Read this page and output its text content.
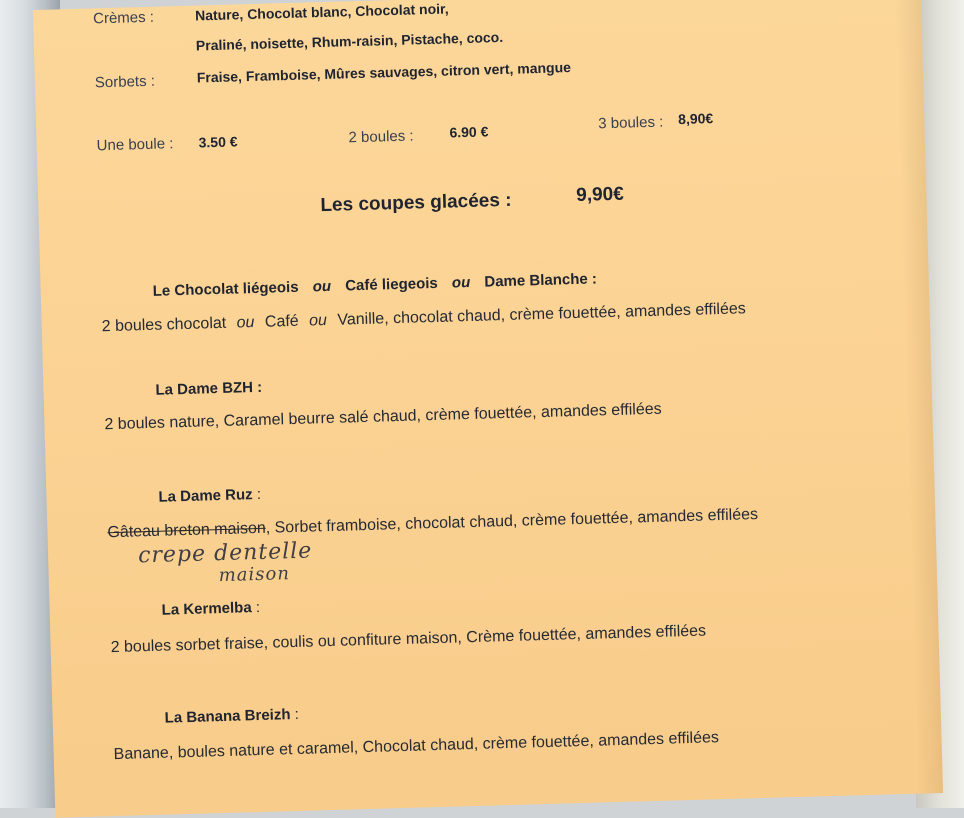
Crèmes :	Nature, Chocolat blanc, Chocolat noir,
Praliné, noisette, Rhum-raisin, Pistache, coco.
Sorbets :	Fraise, Framboise, Mûres sauvages, citron vert, mangue
Une boule : 3.50 €	2 boules :	6.90 €	3 boules : 8,90€
Les coupes glacées :	9,90€
Le Chocolat liégeois ou Café liegeois ou Dame Blanche :
2 boules chocolat ou Café ou Vanille, chocolat chaud, crème fouettée, amandes effilées
La Dame BZH :
2 boules nature, Caramel beurre salé chaud, crème fouettée, amandes effilées
La Dame Ruz :
Gâteau breton maison, Sorbet framboise, chocolat chaud, crème fouettée, amandes effilées
crepe dentelle
maison
La Kermelba :
2 boules sorbet fraise, coulis ou confiture maison, Crème fouettée, amandes effilées
La Banana Breizh :
Banane, boules nature et caramel, Chocolat chaud, crème fouettée, amandes effilées
